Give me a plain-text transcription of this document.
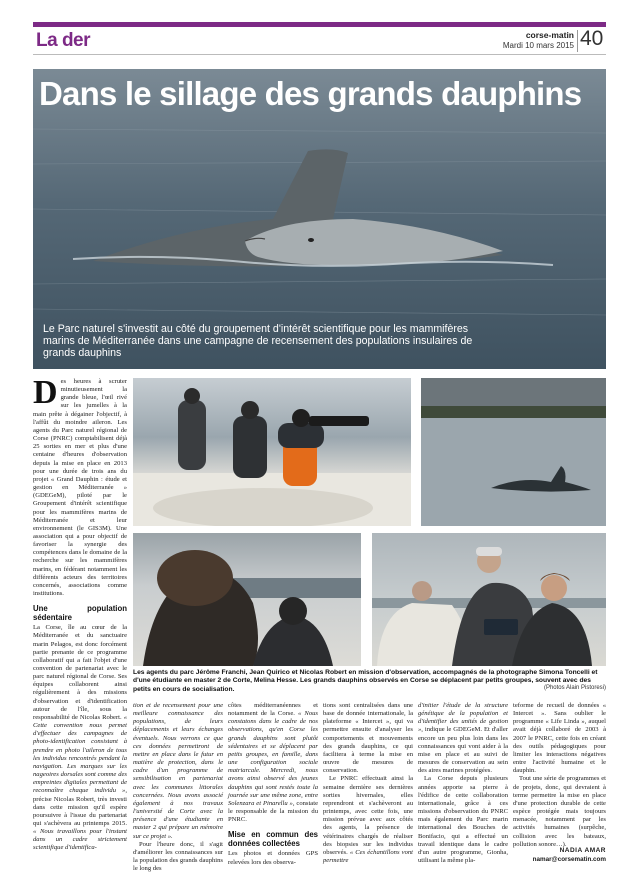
La der	corse-matin
Mardi 10 mars 2015 40
Dans le sillage des grands dauphins
Le Parc naturel s'investit au côté du groupement d'intérêt scientifique pour les mammifères marins de Méditerranée dans une campagne de recensement des populations insulaires de grands dauphins
Les agents du parc Jérôme Franchi, Jean Quirico et Nicolas Robert en mission d'observation, accompagnés de la photographe Simona Toncelli et d'une étudiante en master 2 de Corte, Melina Hesse. Les grands dauphins observés en Corse se déplacent par petits groupes, souvent avec des petits en cours de socialisation.	(Photos Alain Pistoresi)
D es heures à scruter minutieusement la grande bleue, l'œil rivé sur les jumelles à la main prête à dégainer l'objectif, à l'affût du moindre aileron. Les agents du Parc naturel régional de Corse (PNRC) comptabilisent déjà 25 sorties en mer et plus d'une centaine d'heures d'observation depuis la mise en place en 2013 pour une durée de trois ans du projet « Grand Dauphin : étude et gestion en Méditerranée » (GDEGeM), piloté par le Groupement d'intérêt scientifique pour les mammifères marins de Méditerranée et leur environnement (le GIS3M). Une association qui a pour objectif de favoriser la synergie des compétences dans le domaine de la recherche sur les mammifères marins, en fédérant notamment les différents acteurs des territoires concernés, associations comme institutions.

Une population sédentaire

La Corse, île au cœur de la Méditerranée et du sanctuaire marin Pelagos, est donc forcément partie prenante de ce programme collaboratif qui a fait l'objet d'une convention de partenariat avec le parc naturel régional de Corse. Ses équipes collaborent ainsi régulièrement à des missions d'observation et d'identification autour de l'île, sous la responsabilité de Nicolas Robert. « Cette convention nous permet d'effectuer des campagnes de photo-identification consistant à prendre en photo l'aileron de tous les individus rencontrés pendant la navigation. Les marques sur les nageoires dorsales sont comme des empreintes digitales permettant de reconnaître chaque individu », précise Nicolas Robert, très investi dans cette mission qu'il espère poursuivre à l'issue du partenariat qui s'achèvera au printemps 2015. « Nous travaillons pour l'instant dans un cadre strictement scientifique d'identifica-

tion et de recensement pour une meilleure connaissance des populations, de leurs déplacements et leurs échanges éventuels. Nous verrons ce que ces données permettront de mettre en place dans le futur en matière de protection, dans le cadre d'un programme de sensibilisation en partenariat avec les communes littorales concernées. Nous avons associé également à nos travaux l'université de Corte avec la présence d'une étudiante en master 2 qui prépare un mémoire sur ce projet ».

Pour l'heure donc, il s'agit d'améliorer les connaissances sur la population des grands dauphins le long des

côtes méditerranéennes et notamment de la Corse. « Nous constatons dans le cadre de nos observations, qu'en Corse les grands dauphins sont plutôt sédentaires et se déplacent par petits groupes, en famille, dans une configuration sociale matriarcale. Mercredi, nous avons ainsi observé des jeunes dauphins qui sont restés toute la journée sur une même zone, entre Solenzara et Pinarellu », constate le responsable de la mission du PNRC.

Mise en commun des données collectées

Les photos et données GPS relevées lors des observa-

tions sont centralisées dans une base de donnée internationale, la plateforme « Intercet », qui va permettre ensuite d'analyser les comportements et mouvements des grands dauphins, ce qui facilitera à terme la mise en œuvre de mesures de conservation.

Le PNRC effectuait ainsi la semaine dernière ses dernières sorties hivernales, elles reprendront et s'achèveront au printemps, avec cette fois, une mission prévue avec aux côtés des agents, la présence de vétérinaires chargés de réaliser des biopsies sur les individus observés. « Ces échantillons vont permettre

d'initier l'étude de la structure génétique de la population et d'identifier des unités de gestion », indique le GDEGeM. Et d'aller encore un peu plus loin dans les connaissances qui vont aider à la mise en place et au suivi de mesures de conservation au sein des aires marines protégées.

La Corse depuis plusieurs années apporte sa pierre à l'édifice de cette collaboration internationale, grâce à ces missions d'observation du PNRC mais également du Parc marin international des Bouches de Bonifacio, qui a effectué un travail identique dans le cadre d'un autre programme, Gionha, utilisant la même pla-

teforme de recueil de données « Intercet ». Sans oublier le programme « Life Linda », auquel avait déjà collaboré de 2003 à 2007 le PNRC, cette fois en créant des outils pédagogiques pour limiter les interactions négatives entre l'activité humaine et le dauphin.

Tout une série de programmes et de projets, donc, qui devraient à terme permettre la mise en place d'une protection durable de cette espèce protégée mais toujours menacée, notamment par les activités humaines (surpêche, collision avec les bateaux, pollution sonore…).

NADIA AMAR
namar@corsematin.com
